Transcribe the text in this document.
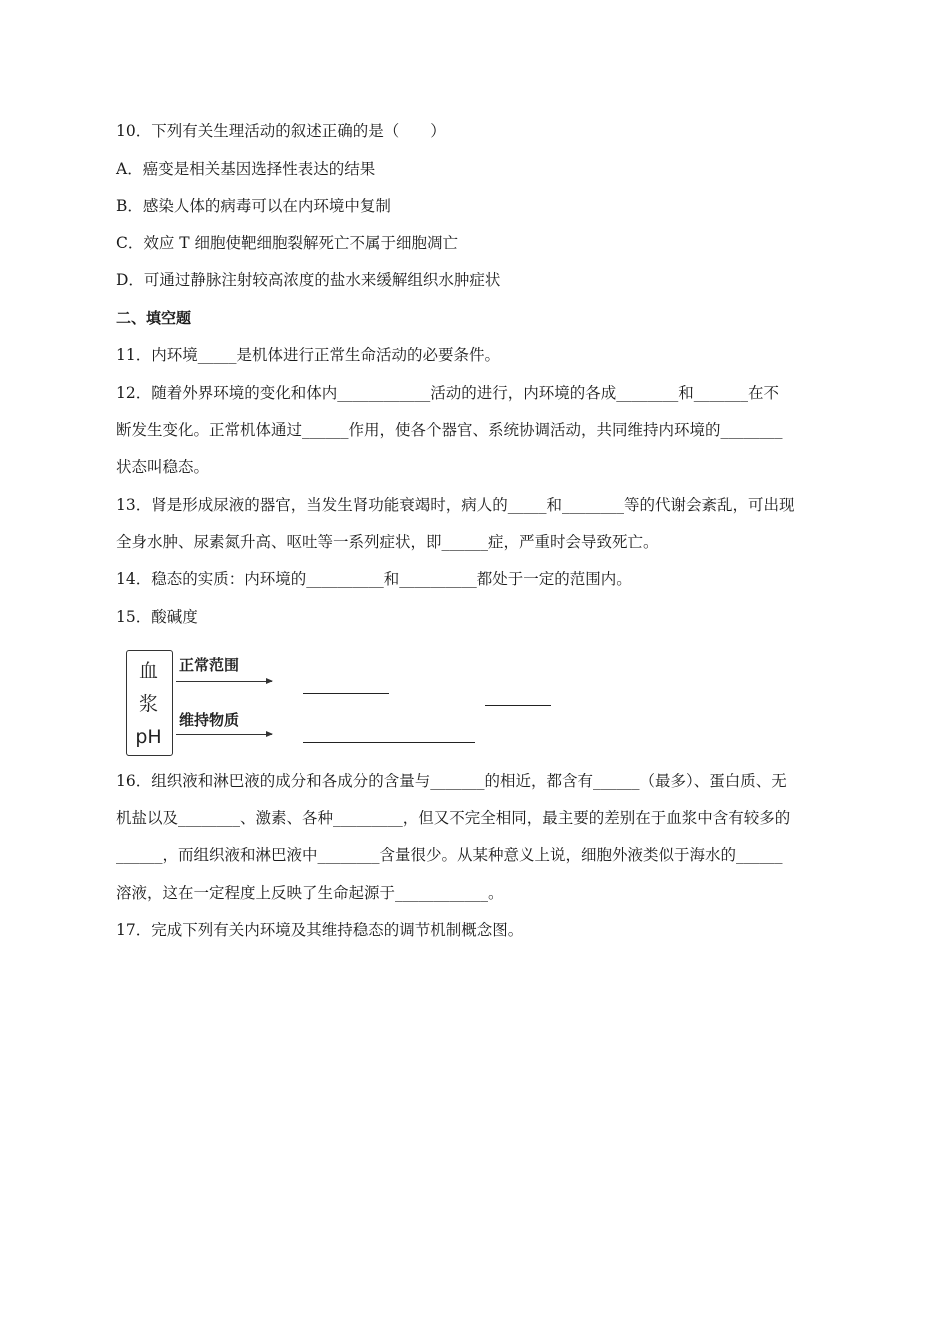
10．下列有关生理活动的叙述正确的是（　　）
A．癌变是相关基因选择性表达的结果
B．感染人体的病毒可以在内环境中复制
C．效应 T 细胞使靶细胞裂解死亡不属于细胞凋亡
D．可通过静脉注射较高浓度的盐水来缓解组织水肿症状
二、填空题
11．内环境_____是机体进行正常生命活动的必要条件。
12．随着外界环境的变化和体内____________活动的进行，内环境的各成________和_______在不
断发生变化。正常机体通过______作用，使各个器官、系统协调活动，共同维持内环境的________
状态叫稳态。
13．肾是形成尿液的器官，当发生肾功能衰竭时，病人的_____和________等的代谢会紊乱，可出现
全身水肿、尿素氮升高、呕吐等一系列症状，即______症，严重时会导致死亡。
14．稳态的实质：内环境的__________和__________都处于一定的范围内。
15．酸碱度
血
浆
pH
正常范围
维持物质
16．组织液和淋巴液的成分和各成分的含量与_______的相近，都含有______（最多）、蛋白质、无
机盐以及________、激素、各种_________，但又不完全相同，最主要的差别在于血浆中含有较多的
______，而组织液和淋巴液中________含量很少。从某种意义上说，细胞外液类似于海水的______
溶液，这在一定程度上反映了生命起源于____________。
17．完成下列有关内环境及其维持稳态的调节机制概念图。
